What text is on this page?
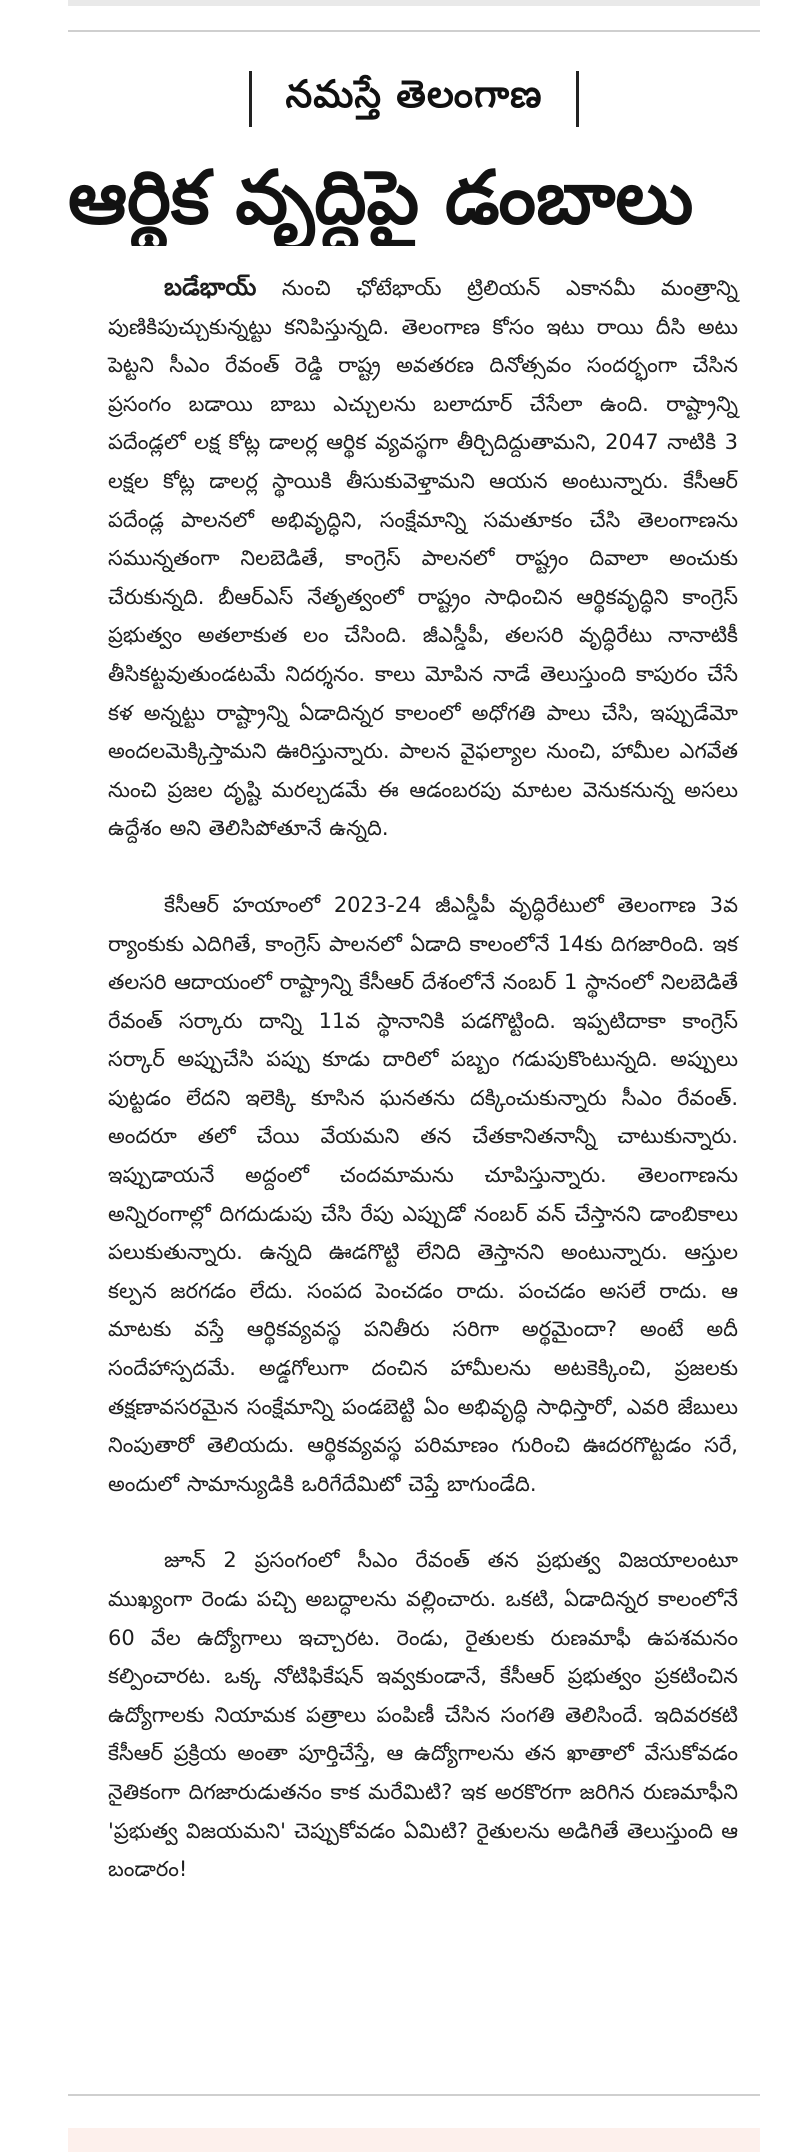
నమస్తే తెలంగాణ
ఆర్థిక వృద్ధిపై డంబాలు

బడేభాయ్ నుంచి ఛోటేభాయ్ ట్రిలియన్ ఎకానమీ మంత్రాన్ని పుణికిపుచ్చుకున్నట్టు కనిపిస్తున్నది. తెలంగాణ కోసం ఇటు రాయి దీసి అటు పెట్టని సీఎం రేవంత్ రెడ్డి రాష్ట్ర అవతరణ దినోత్సవం సందర్భంగా చేసిన ప్రసంగం బడాయి బాబు ఎచ్చులను బలాదూర్ చేసేలా ఉంది. రాష్ట్రాన్ని పదేండ్లలో లక్ష కోట్ల డాలర్ల ఆర్థిక వ్యవస్థగా తీర్చిదిద్దుతామని, 2047 నాటికి 3 లక్షల కోట్ల డాలర్ల స్థాయికి తీసుకువెళ్తామని ఆయన అంటున్నారు. కేసీఆర్ పదేండ్ల పాలనలో అభివృద్ధిని, సంక్షేమాన్ని సమతూకం చేసి తెలంగాణను సమున్నతంగా నిలబెడితే, కాంగ్రెస్ పాలనలో రాష్ట్రం దివాలా అంచుకు చేరుకున్నది. బీఆర్ఎస్ నేతృత్వంలో రాష్ట్రం సాధించిన ఆర్థికవృద్ధిని కాంగ్రెస్ ప్రభుత్వం అతలాకుత లం చేసింది. జీఎస్డీపీ, తలసరి వృద్ధిరేటు నానాటికీ తీసికట్టవుతుండటమే నిదర్శనం. కాలు మోపిన నాడే తెలుస్తుంది కాపురం చేసే కళ అన్నట్టు రాష్ట్రాన్ని ఏడాదిన్నర కాలంలో అధోగతి పాలు చేసి, ఇప్పుడేమో అందలమెక్కిస్తామని ఊరిస్తున్నారు. పాలన వైఫల్యాల నుంచి, హామీల ఎగవేత నుంచి ప్రజల దృష్టి మరల్చడమే ఈ ఆడంబరపు మాటల వెనుకనున్న అసలు ఉద్దేశం అని తెలిసిపోతూనే ఉన్నది.

కేసీఆర్ హయాంలో 2023-24 జీఎస్డీపీ వృద్ధిరేటులో తెలంగాణ 3వ ర్యాంకుకు ఎదిగితే, కాంగ్రెస్ పాలనలో ఏడాది కాలంలోనే 14కు దిగజారింది. ఇక తలసరి ఆదాయంలో రాష్ట్రాన్ని కేసీఆర్ దేశంలోనే నంబర్ 1 స్థానంలో నిలబెడితే రేవంత్ సర్కారు దాన్ని 11వ స్థానానికి పడగొట్టింది. ఇప్పటిదాకా కాంగ్రెస్ సర్కార్ అప్పుచేసి పప్పు కూడు దారిలో పబ్బం గడుపుకొంటున్నది. అప్పులు పుట్టడం లేదని ఇలెక్కి కూసిన ఘనతను దక్కించుకున్నారు సీఎం రేవంత్. అందరూ తలో చేయి వేయమని తన చేతకానితనాన్నీ చాటుకున్నారు. ఇప్పుడాయనే అద్దంలో చందమామను చూపిస్తున్నారు. తెలంగాణను అన్నిరంగాల్లో దిగదుడుపు చేసి రేపు ఎప్పుడో నంబర్ వన్ చేస్తానని డాంబికాలు పలుకుతున్నారు. ఉన్నది ఊడగొట్టి లేనిది తెస్తానని అంటున్నారు. ఆస్తుల కల్పన జరగడం లేదు. సంపద పెంచడం రాదు. పంచడం అసలే రాదు. ఆ మాటకు వస్తే ఆర్థికవ్యవస్థ పనితీరు సరిగా అర్థమైందా? అంటే అదీ సందేహాస్పదమే. అడ్డగోలుగా దంచిన హామీలను అటకెక్కించి, ప్రజలకు తక్షణావసరమైన సంక్షేమాన్ని పండబెట్టి ఏం అభివృద్ధి సాధిస్తారో, ఎవరి జేబులు నింపుతారో తెలియదు. ఆర్థికవ్యవస్థ పరిమాణం గురించి ఊదరగొట్టడం సరే, అందులో సామాన్యుడికి ఒరిగేదేమిటో చెప్తే బాగుండేది.

జూన్ 2 ప్రసంగంలో సీఎం రేవంత్ తన ప్రభుత్వ విజయాలంటూ ముఖ్యంగా రెండు పచ్చి అబద్ధాలను వల్లించారు. ఒకటి, ఏడాదిన్నర కాలంలోనే 60 వేల ఉద్యోగాలు ఇచ్చారట. రెండు, రైతులకు రుణమాఫీ ఉపశమనం కల్పించారట. ఒక్క నోటిఫికేషన్ ఇవ్వకుండానే, కేసీఆర్ ప్రభుత్వం ప్రకటించిన ఉద్యోగాలకు నియామక పత్రాలు పంపిణీ చేసిన సంగతి తెలిసిందే. ఇదివరకటి కేసీఆర్ ప్రక్రియ అంతా పూర్తిచేస్తే, ఆ ఉద్యోగాలను తన ఖాతాలో వేసుకోవడం నైతికంగా దిగజారుడుతనం కాక మరేమిటి? ఇక అరకొరగా జరిగిన రుణమాఫీని 'ప్రభుత్వ విజయమని' చెప్పుకోవడం ఏమిటి? రైతులను అడిగితే తెలుస్తుంది ఆ బండారం!
